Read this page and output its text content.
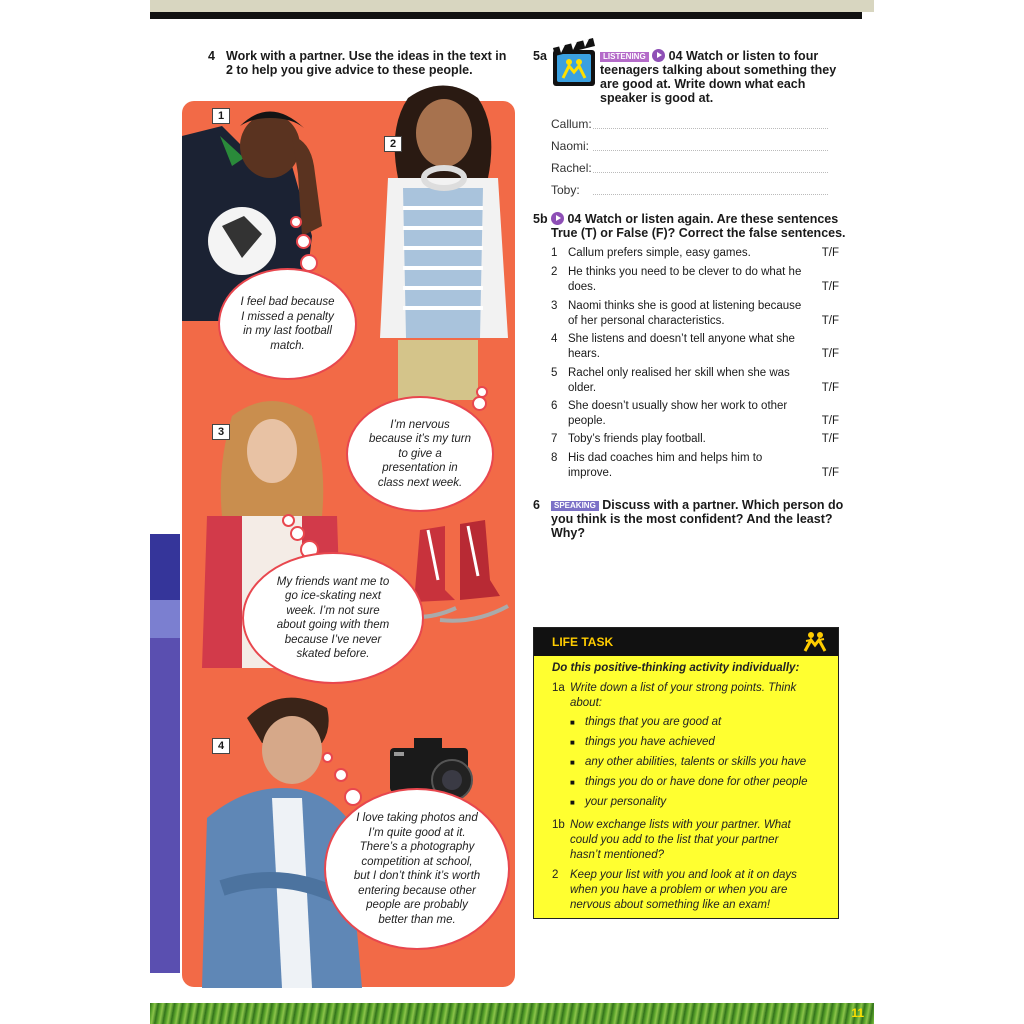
4 Work with a partner. Use the ideas in the text in
2 to help you give advice to these people.
1
2
I feel bad because I missed a penalty in my last football match.
3
I’m nervous because it’s my turn to give a presentation in class next week.
My friends want me to go ice-skating next week. I’m not sure about going with them because I’ve never skated before.
4
I love taking photos and I’m quite good at it. There’s a photography competition at school, but I don’t think it’s worth entering because other people are probably better than me.
5a	LISTENING 04 Watch or listen to four
teenagers talking about something they
are good at. Write down what each
speaker is good at.
Callum:
Naomi:
Rachel:
Toby:
5b	04 Watch or listen again. Are these sentences
True (T) or False (F)? Correct the false sentences.
1 Callum prefers simple, easy games.	T/F
2 He thinks you need to be clever to do what he does.	T/F
3 Naomi thinks she is good at listening because of her personal characteristics.	T/F
4 She listens and doesn’t tell anyone what she hears.	T/F
5 Rachel only realised her skill when she was older.	T/F
6 She doesn’t usually show her work to other people.	T/F
7 Toby’s friends play football.	T/F
8 His dad coaches him and helps him to improve.	T/F
6	SPEAKING Discuss with a partner. Which person do
you think is the most confident? And the least?
Why?
LIFE TASK
Do this positive-thinking activity individually:
1a Write down a list of your strong points. Think
about:
■ things that you are good at
■ things you have achieved
■ any other abilities, talents or skills you have
■ things you do or have done for other people
■ your personality
1b Now exchange lists with your partner. What
could you add to the list that your partner
hasn’t mentioned?
2 Keep your list with you and look at it on days
when you have a problem or when you are
nervous about something like an exam!
11
